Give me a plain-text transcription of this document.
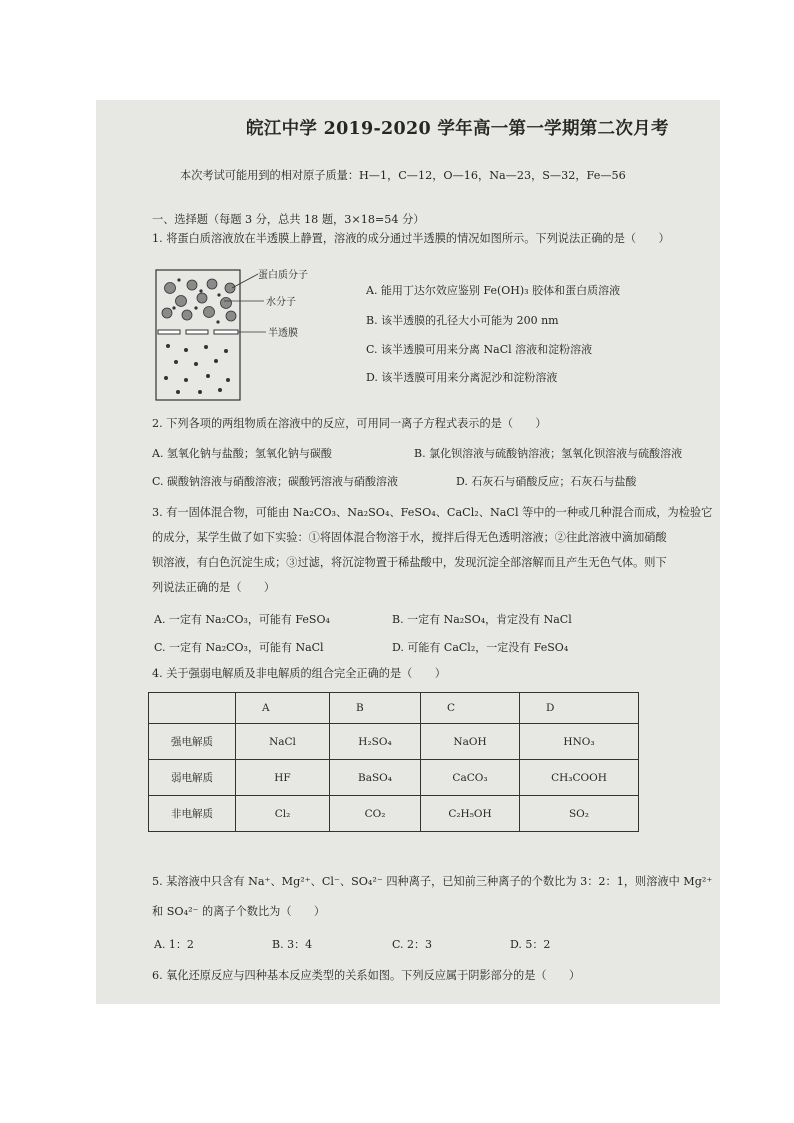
皖江中学 2019-2020 学年高一第一学期第二次月考
本次考试可能用到的相对原子质量：H—1，C—12，O—16，Na—23，S—32，Fe—56
一、选择题（每题 3 分，总共 18 题，3×18=54 分）
1. 将蛋白质溶液放在半透膜上静置，溶液的成分通过半透膜的情况如图所示。下列说法正确的是（　　）
蛋白质分子
水分子
半透膜
A. 能用丁达尔效应鉴别 Fe(OH)₃ 胶体和蛋白质溶液
B. 该半透膜的孔径大小可能为 200 nm
C. 该半透膜可用来分离 NaCl 溶液和淀粉溶液
D. 该半透膜可用来分离泥沙和淀粉溶液
2. 下列各项的两组物质在溶液中的反应，可用同一离子方程式表示的是（　　）
A. 氢氧化钠与盐酸；氢氧化钠与碳酸	B. 氯化钡溶液与硫酸钠溶液；氢氧化钡溶液与硫酸溶液
C. 碳酸钠溶液与硝酸溶液；碳酸钙溶液与硝酸溶液	D. 石灰石与硝酸反应；石灰石与盐酸
3. 有一固体混合物，可能由 Na₂CO₃、Na₂SO₄、FeSO₄、CaCl₂、NaCl 等中的一种或几种混合而成，为检验它
的成分，某学生做了如下实验：①将固体混合物溶于水，搅拌后得无色透明溶液；②往此溶液中滴加硝酸
钡溶液，有白色沉淀生成；③过滤，将沉淀物置于稀盐酸中，发现沉淀全部溶解而且产生无色气体。则下
列说法正确的是（　　）
A. 一定有 Na₂CO₃，可能有 FeSO₄	B. 一定有 Na₂SO₄，肯定没有 NaCl
C. 一定有 Na₂CO₃，可能有 NaCl	D. 可能有 CaCl₂，一定没有 FeSO₄
4. 关于强弱电解质及非电解质的组合完全正确的是（　　）
	A	B	C	D
强电解质	NaCl	H₂SO₄	NaOH	HNO₃
弱电解质	HF	BaSO₄	CaCO₃	CH₃COOH
非电解质	Cl₂	CO₂	C₂H₅OH	SO₂
5. 某溶液中只含有 Na⁺、Mg²⁺、Cl⁻、SO₄²⁻ 四种离子，已知前三种离子的个数比为 3：2：1，则溶液中 Mg²⁺
和 SO₄²⁻ 的离子个数比为（　　）
A. 1：2	B. 3：4	C. 2：3	D. 5：2
6. 氧化还原反应与四种基本反应类型的关系如图。下列反应属于阴影部分的是（　　）
